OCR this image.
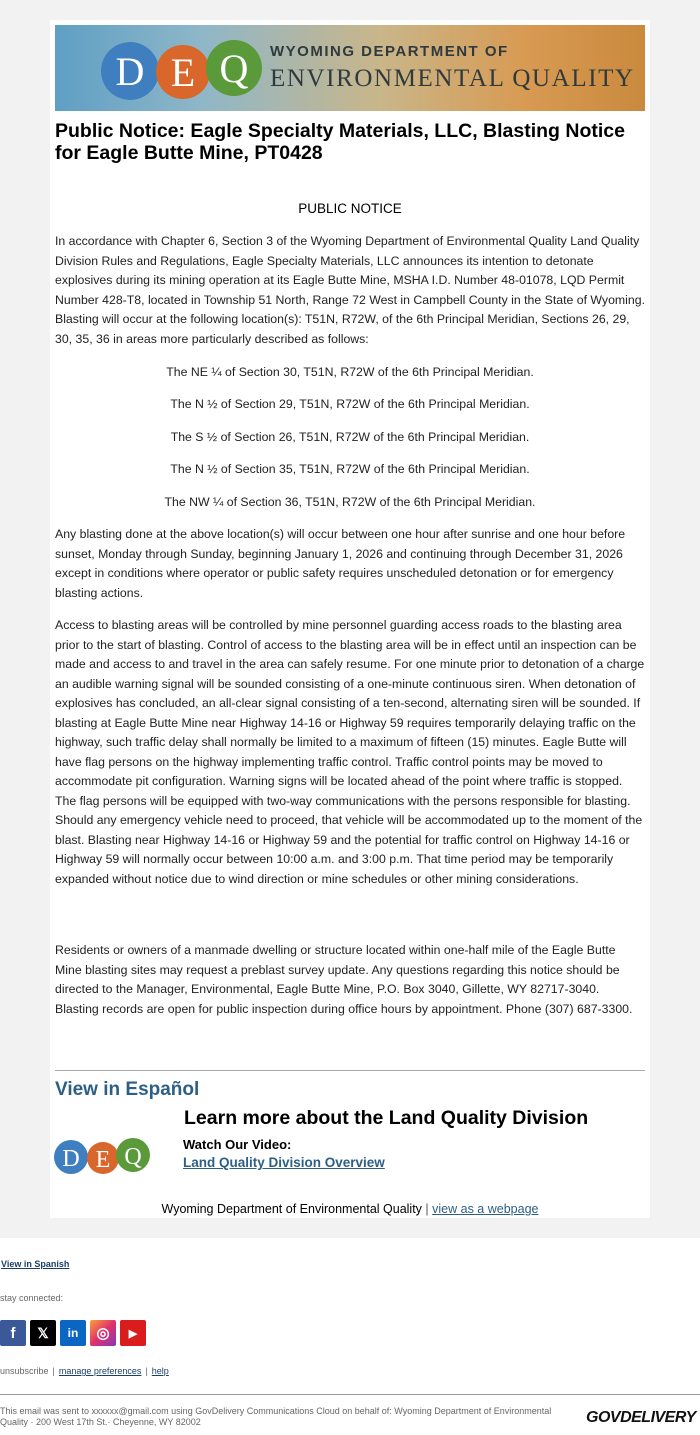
D E Q WYOMING DEPARTMENT OF
ENVIRONMENTAL QUALITY
Public Notice: Eagle Specialty Materials, LLC, Blasting Notice for Eagle Butte Mine, PT0428
PUBLIC NOTICE

In accordance with Chapter 6, Section 3 of the Wyoming Department of Environmental Quality Land Quality Division Rules and Regulations, Eagle Specialty Materials, LLC announces its intention to detonate explosives during its mining operation at its Eagle Butte Mine, MSHA I.D. Number 48-01078, LQD Permit Number 428-T8, located in Township 51 North, Range 72 West in Campbell County in the State of Wyoming. Blasting will occur at the following location(s): T51N, R72W, of the 6th Principal Meridian, Sections 26, 29, 30, 35, 36 in areas more particularly described as follows:

The NE ¼ of Section 30, T51N, R72W of the 6th Principal Meridian.
The N ½ of Section 29, T51N, R72W of the 6th Principal Meridian.
The S ½ of Section 26, T51N, R72W of the 6th Principal Meridian.
The N ½ of Section 35, T51N, R72W of the 6th Principal Meridian.
The NW ¼ of Section 36, T51N, R72W of the 6th Principal Meridian.

Any blasting done at the above location(s) will occur between one hour after sunrise and one hour before sunset, Monday through Sunday, beginning January 1, 2026 and continuing through December 31, 2026 except in conditions where operator or public safety requires unscheduled detonation or for emergency blasting actions.

Access to blasting areas will be controlled by mine personnel guarding access roads to the blasting area prior to the start of blasting. Control of access to the blasting area will be in effect until an inspection can be made and access to and travel in the area can safely resume. For one minute prior to detonation of a charge an audible warning signal will be sounded consisting of a one-minute continuous siren. When detonation of explosives has concluded, an all-clear signal consisting of a ten-second, alternating siren will be sounded. If blasting at Eagle Butte Mine near Highway 14-16 or Highway 59 requires temporarily delaying traffic on the highway, such traffic delay shall normally be limited to a maximum of fifteen (15) minutes. Eagle Butte will have flag persons on the highway implementing traffic control. Traffic control points may be moved to accommodate pit configuration. Warning signs will be located ahead of the point where traffic is stopped. The flag persons will be equipped with two-way communications with the persons responsible for blasting. Should any emergency vehicle need to proceed, that vehicle will be accommodated up to the moment of the blast. Blasting near Highway 14-16 or Highway 59 and the potential for traffic control on Highway 14-16 or Highway 59 will normally occur between 10:00 a.m. and 3:00 p.m. That time period may be temporarily expanded without notice due to wind direction or mine schedules or other mining considerations.

Residents or owners of a manmade dwelling or structure located within one-half mile of the Eagle Butte Mine blasting sites may request a preblast survey update. Any questions regarding this notice should be directed to the Manager, Environmental, Eagle Butte Mine, P.O. Box 3040, Gillette, WY 82717-3040. Blasting records are open for public inspection during office hours by appointment. Phone (307) 687-3300.

View in Español
D E Q
Learn more about the Land Quality Division
Watch Our Video:
Land Quality Division Overview
Wyoming Department of Environmental Quality | view as a webpage
View in Spanish
stay connected:
f	𝕏	in	◎	▶
unsubscribe | manage preferences | help
This email was sent to xxxxxx@gmail.com using GovDelivery Communications Cloud on behalf of: Wyoming Department of Environmental Quality · 200 West 17th St.· Cheyenne, WY 82002	GOVDELIVERY
